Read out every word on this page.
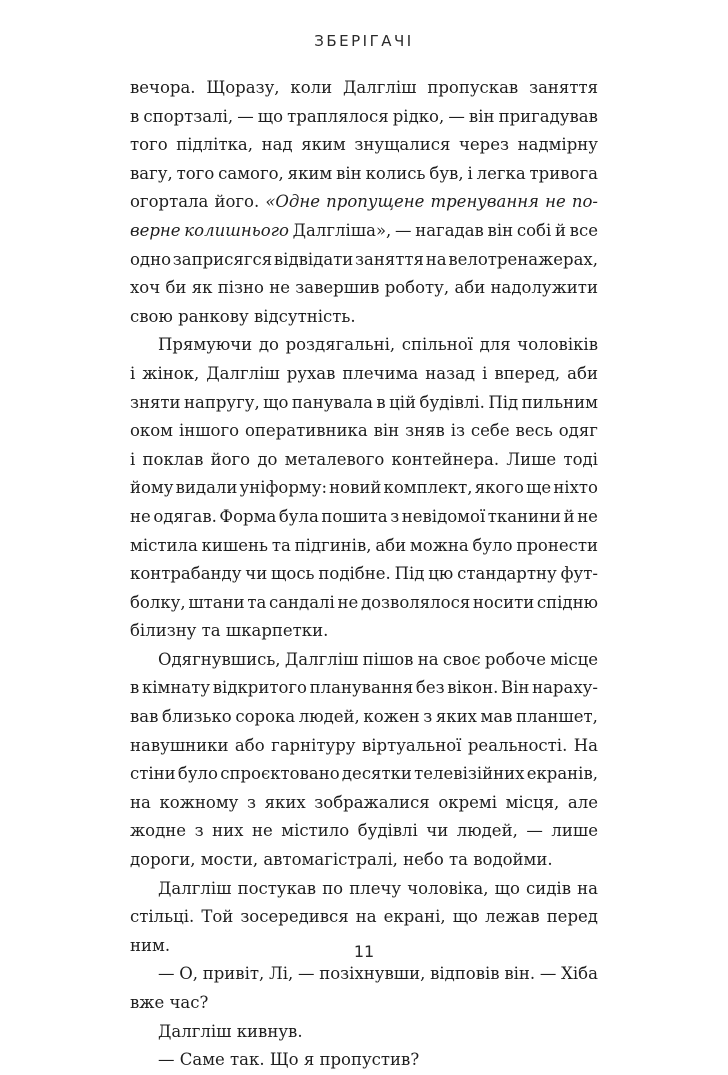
ЗБЕРІГАЧІ
вечора. Щоразу, коли Далгліш пропускав заняття
в спортзалі, — що траплялося рідко, — він пригадував
того підлітка, над яким знущалися через надмірну
вагу, того самого, яким він колись був, і легка тривога
огортала його. «Одне пропущене тренування не по-
верне колишнього Далгліша», — нагадав він собі й все
одно заприсягся відвідати заняття на велотренажерах,
хоч би як пізно не завершив роботу, аби надолужити
свою ранкову відсутність.
Прямуючи до роздягальні, спільної для чоловіків
і жінок, Далгліш рухав плечима назад і вперед, аби
зняти напругу, що панувала в цій будівлі. Під пильним
оком іншого оперативника він зняв із себе весь одяг
і поклав його до металевого контейнера. Лише тоді
йому видали уніформу: новий комплект, якого ще ніхто
не одягав. Форма була пошита з невідомої тканини й не
містила кишень та підгинів, аби можна було пронести
контрабанду чи щось подібне. Під цю стандартну фут-
болку, штани та сандалі не дозволялося носити спідню
білизну та шкарпетки.
Одягнувшись, Далгліш пішов на своє робоче місце
в кімнату відкритого планування без вікон. Він нараху-
вав близько сорока людей, кожен з яких мав планшет,
навушники або гарнітуру віртуальної реальності. На
стіни було спроєктовано десятки телевізійних екранів,
на кожному з яких зображалися окремі місця, але
жодне з них не містило будівлі чи людей, — лише
дороги, мости, автомагістралі, небо та водойми.
Далгліш постукав по плечу чоловіка, що сидів на
стільці. Той зосередився на екрані, що лежав перед
ним.
— О, привіт, Лі, — позіхнувши, відповів він. — Хіба
вже час?
Далгліш кивнув.
— Саме так. Що я пропустив?
11
